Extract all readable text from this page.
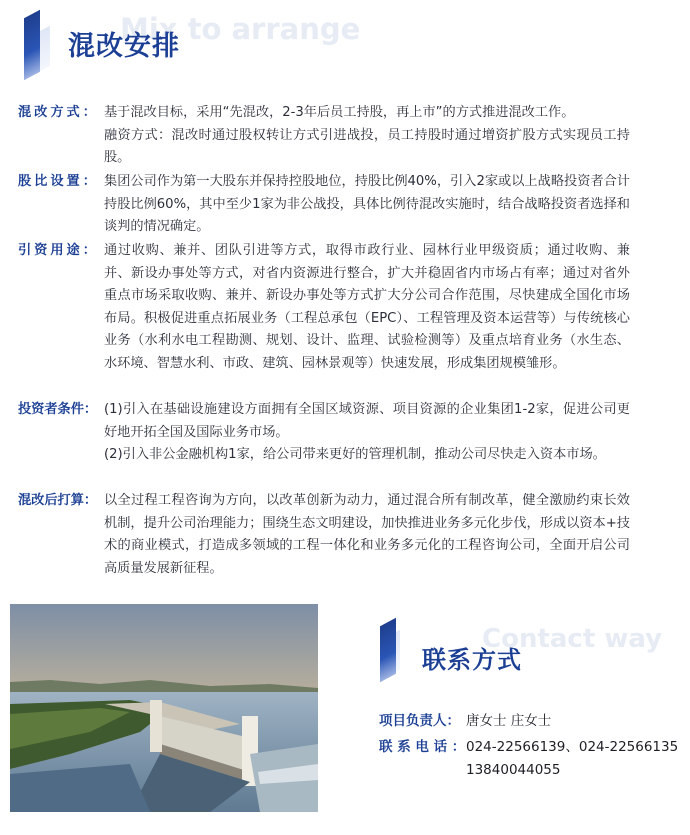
Mix to arrange
混改安排
混改方式： 基于混改目标，采用“先混改，2-3年后员工持股，再上市”的方式推进混改工作。

融资方式：混改时通过股权转让方式引进战投，员工持股时通过增资扩股方式实现员工持股。

股比设置： 集团公司作为第一大股东并保持控股地位，持股比例40%，引入2家或以上战略投资者合计持股比例60%，其中至少1家为非公战投，具体比例待混改实施时，结合战略投资者选择和谈判的情况确定。

引资用途： 通过收购、兼并、团队引进等方式，取得市政行业、园林行业甲级资质；通过收购、兼并、新设办事处等方式，对省内资源进行整合，扩大并稳固省内市场占有率；通过对省外重点市场采取收购、兼并、新设办事处等方式扩大分公司合作范围，尽快建成全国化市场布局。积极促进重点拓展业务（工程总承包（EPC）、工程管理及资本运营等）与传统核心业务（水利水电工程勘测、规划、设计、监理、试验检测等）及重点培育业务（水生态、水环境、智慧水利、市政、建筑、园林景观等）快速发展，形成集团规模雏形。

投资者条件： (1)引入在基础设施建设方面拥有全国区域资源、项目资源的企业集团1-2家，促进公司更好地开拓全国及国际业务市场。

(2)引入非公金融机构1家，给公司带来更好的管理机制，推动公司尽快走入资本市场。

混改后打算： 以全过程工程咨询为方向，以改革创新为动力，通过混合所有制改革，健全激励约束长效机制，提升公司治理能力；围绕生态文明建设，加快推进业务多元化步伐，形成以资本+技术的商业模式，打造成多领域的工程一体化和业务多元化的工程咨询公司，全面开启公司高质量发展新征程。

Contact way
联系方式
项目负责人： 唐女士 庄女士
联 系 电 话 ： 024-22566139、024-22566135
13840044055
